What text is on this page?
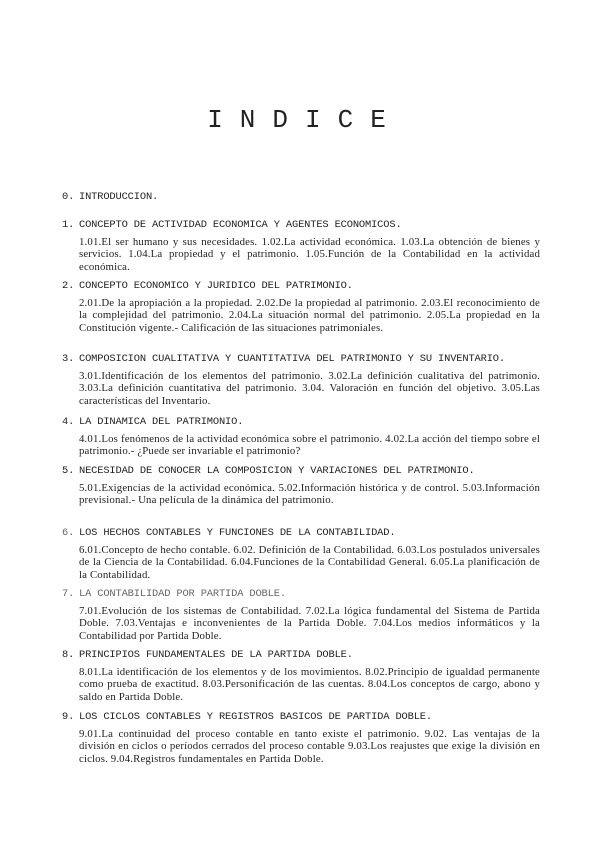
INDICE
0. INTRODUCCION.
1. CONCEPTO DE ACTIVIDAD ECONOMICA Y AGENTES ECONOMICOS.
1.01.El ser humano y sus necesidades. 1.02.La actividad económica. 1.03.La obtención de bienes y servicios. 1.04.La propiedad y el patrimonio. 1.05.Función de la Contabilidad en la actividad económica.
2. CONCEPTO ECONOMICO Y JURIDICO DEL PATRIMONIO.
2.01.De la apropiación a la propiedad. 2.02.De la propiedad al patrimonio. 2.03.El reconocimiento de la complejidad del patrimonio. 2.04.La situación normal del patrimonio. 2.05.La propiedad en la Constitución vigente.- Calificación de las situaciones patrimoniales.
3. COMPOSICION CUALITATIVA Y CUANTITATIVA DEL PATRIMONIO Y SU INVENTARIO.
3.01.Identificación de los elementos del patrimonio. 3.02.La definición cualitativa del patrimonio. 3.03.La definición cuantitativa del patrimonio. 3.04. Valoración en función del objetivo. 3.05.Las características del Inventario.
4. LA DINAMICA DEL PATRIMONIO.
4.01.Los fenómenos de la actividad económica sobre el patrimonio. 4.02.La acción del tiempo sobre el patrimonio.- ¿Puede ser invariable el patrimonio?
5. NECESIDAD DE CONOCER LA COMPOSICION Y VARIACIONES DEL PATRIMONIO.
5.01.Exigencias de la actividad económica. 5.02.Información histórica y de control. 5.03.Información previsional.- Una película de la dinámica del patrimonio.
6. LOS HECHOS CONTABLES Y FUNCIONES DE LA CONTABILIDAD.
6.01.Concepto de hecho contable. 6.02. Definición de la Contabilidad. 6.03.Los postulados universales de la Ciencia de la Contabilidad. 6.04.Funciones de la Contabilidad General. 6.05.La planificación de la Contabilidad.
7. LA CONTABILIDAD POR PARTIDA DOBLE.
7.01.Evolución de los sistemas de Contabilidad. 7.02.La lógica fundamental del Sistema de Partida Doble. 7.03.Ventajas e inconvenientes de la Partida Doble. 7.04.Los medios informáticos y la Contabilidad por Partida Doble.
8. PRINCIPIOS FUNDAMENTALES DE LA PARTIDA DOBLE.
8.01.La identificación de los elementos y de los movimientos. 8.02.Principio de igualdad permanente como prueba de exactitud. 8.03.Personificación de las cuentas. 8.04.Los conceptos de cargo, abono y saldo en Partida Doble.
9. LOS CICLOS CONTABLES Y REGISTROS BASICOS DE PARTIDA DOBLE.
9.01.La continuidad del proceso contable en tanto existe el patrimonio. 9.02. Las ventajas de la división en ciclos o períodos cerrados del proceso contable 9.03.Los reajustes que exige la división en ciclos. 9.04.Registros fundamentales en Partida Doble.
